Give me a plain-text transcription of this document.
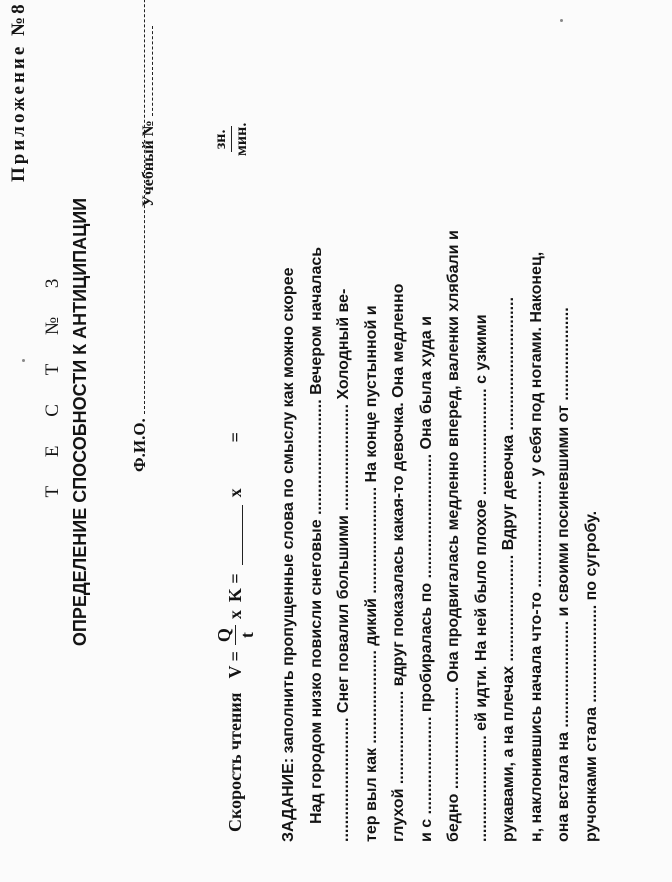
Приложение №8
Т Е С Т № 3 ОПРЕДЕЛЕНИЕ СПОСОБНОСТИ К АНТИЦИПАЦИИ Ф.И.О.
Учебный №
Скорость чтения
V =
Q t
х
K =
х
=
зн. мин.

ЗАДАНИЕ: заполнить пропущенные слова по смыслу как можно скорее Над городом низко повисли снеговые .......................... Вечером началась ............................ Снег повалил большими ........................ Холодный ве- тер выл как ..................... дикий ........................ На конце пустынной и глухой ..................... вдруг показалась какая-то девочка. Она медленно и с ...................... пробиралась по ............................ Она была худа и бедно ....................... Она продвигалась медленно вперед, валенки хлябали и ........................ ей идти. На ней было плохое ........................ с узкими рукавами, а на плечах ........................ Вдруг девочка .............................. н, наклонившись начала что-то ........................ у себя под ногами. Наконец, она встала на ........................ и своими посиневшими от ..................... ручонками стала ...................... по сугробу.
